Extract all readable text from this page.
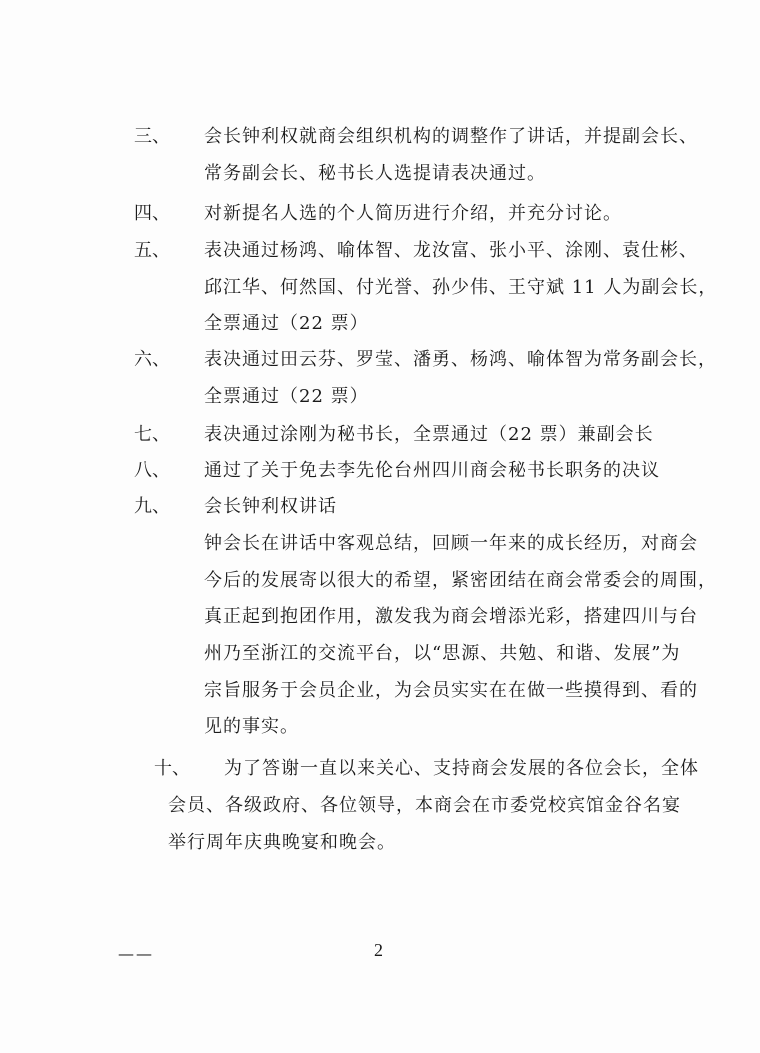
三、 会长钟利权就商会组织机构的调整作了讲话，并提副会长、
常务副会长、秘书长人选提请表决通过。
四、 对新提名人选的个人简历进行介绍，并充分讨论。
五、 表决通过杨鸿、喻体智、龙汝富、张小平、涂刚、袁仕彬、
邱江华、何然国、付光誉、孙少伟、王守斌 11 人为副会长，
全票通过（22 票）
六、 表决通过田云芬、罗莹、潘勇、杨鸿、喻体智为常务副会长，
全票通过（22 票）
七、 表决通过涂刚为秘书长，全票通过（22 票）兼副会长
八、 通过了关于免去李先伦台州四川商会秘书长职务的决议
九、 会长钟利权讲话
钟会长在讲话中客观总结，回顾一年来的成长经历，对商会
今后的发展寄以很大的希望，紧密团结在商会常委会的周围，
真正起到抱团作用，激发我为商会增添光彩，搭建四川与台
州乃至浙江的交流平台，以“思源、共勉、和谐、发展”为
宗旨服务于会员企业，为会员实实在在做一些摸得到、看的
见的事实。
十、 为了答谢一直以来关心、支持商会发展的各位会长，全体
会员、各级政府、各位领导，本商会在市委党校宾馆金谷名宴
举行周年庆典晚宴和晚会。
——	2
